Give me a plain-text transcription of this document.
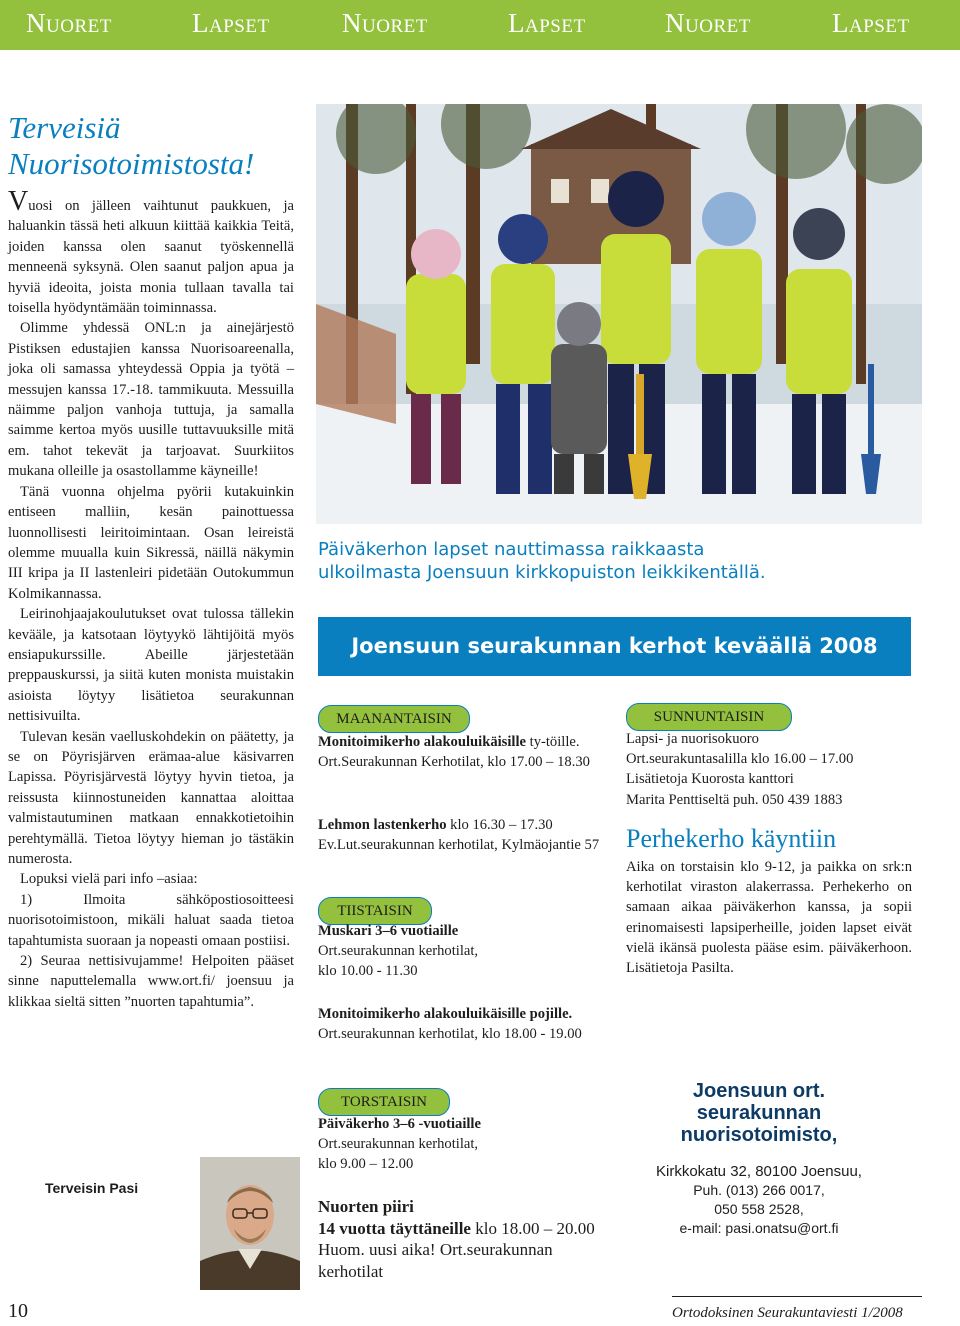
Nuoret	Lapset	Nuoret	Lapset	Nuoret	Lapset
Terveisiä
Nuorisotoimistosta!

Vuosi on jälleen vaihtunut paukkuen, ja haluankin tässä heti alkuun kiittää kaikkia Teitä, joiden kanssa olen saanut työskennellä menneenä syksynä. Olen saanut paljon apua ja hyviä ideoita, joista monia tullaan tavalla tai toisella hyödyntämään toiminnassa.

Olimme yhdessä ONL:n ja ainejärjestö Pistiksen edustajien kanssa Nuorisoareenalla, joka oli samassa yhteydessä Oppia ja työtä –messujen kanssa 17.-18. tammikuuta. Messuilla näimme paljon vanhoja tuttuja, ja samalla saimme kertoa myös uusille tuttavuuksille mitä em. tahot tekevät ja tarjoavat. Suurkiitos mukana olleille ja osastollamme käyneille!

Tänä vuonna ohjelma pyörii kutakuinkin entiseen malliin, kesän painottuessa luonnollisesti leiritoimintaan. Osan leireistä olemme muualla kuin Sikressä, näillä näkymin III kripa ja II lastenleiri pidetään Outokummun Kolmikannassa.

Leirinohjaajakoulutukset ovat tulossa tällekin kevääle, ja katsotaan löytyykö lähtijöitä myös ensiapukurssille. Abeille järjestetään preppauskurssi, ja siitä kuten monista muistakin asioista löytyy lisätietoa seurakunnan nettisivuilta.

Tulevan kesän vaelluskohdekin on päätetty, ja se on Pöyrisjärven erämaa-alue käsivarren Lapissa. Pöyrisjärvestä löytyy hyvin tietoa, ja reissusta kiinnostuneiden kannattaa aloittaa valmistautuminen matkaan ennakkotietoihin perehtymällä. Tietoa löytyy hieman jo tästäkin numerosta.

Lopuksi vielä pari info –asiaa:

1) Ilmoita sähköpostiosoitteesi nuorisotoimistoon, mikäli haluat saada tietoa tapahtumista suoraan ja nopeasti omaan postiisi.

2) Seuraa nettisivujamme! Helpoiten pääset sinne naputtelemalla www.ort.fi/ joensuu ja klikkaa sieltä sitten ”nuorten tapahtumia”.

Terveisin Pasi
Päiväkerhon lapset nauttimassa raikkaasta
ulkoilmasta Joensuun kirkkopuiston leikkikentällä.
Joensuun seurakunnan kerhot keväällä 2008
MAANANTAISIN
Monitoimikerho alakouluikäisille ty-töille. Ort.Seurakunnan Kerhotilat, klo 17.00 – 18.30
Lehmon lastenkerho klo 16.30 – 17.30 Ev.Lut.seurakunnan kerhotilat, Kylmäojantie 57
TIISTAISIN
Muskari 3–6 vuotiaille
Ort.seurakunnan kerhotilat,
klo 10.00 - 11.30
Monitoimikerho alakouluikäisille pojille. Ort.seurakunnan kerhotilat, klo 18.00 - 19.00
TORSTAISIN
Päiväkerho 3–6 -vuotiaille
Ort.seurakunnan kerhotilat,
klo 9.00 – 12.00
Nuorten piiri
14 vuotta täyttäneille klo 18.00 – 20.00 Huom. uusi aika! Ort.seurakunnan kerhotilat
SUNNUNTAISIN
Lapsi- ja nuorisokuoro
Ort.seurakuntasalilla klo 16.00 – 17.00
Lisätietoja Kuorosta kanttori
Marita Penttiseltä puh. 050 439 1883
Perhekerho käyntiin
Aika on torstaisin klo 9-12, ja paikka on srk:n kerhotilat viraston alakerrassa. Perhekerho on samaan aikaa päiväkerhon kanssa, ja sopii erinomaisesti lapsiperheille, joiden lapset eivät vielä ikänsä puolesta pääse esim. päiväkerhoon. Lisätietoja Pasilta.
Joensuun ort.
seurakunnan
nuorisotoimisto,
Kirkkokatu 32, 80100 Joensuu,
Puh. (013) 266 0017,
050 558 2528,
e-mail: pasi.onatsu@ort.fi
10	Ortodoksinen Seurakuntaviesti 1/2008
